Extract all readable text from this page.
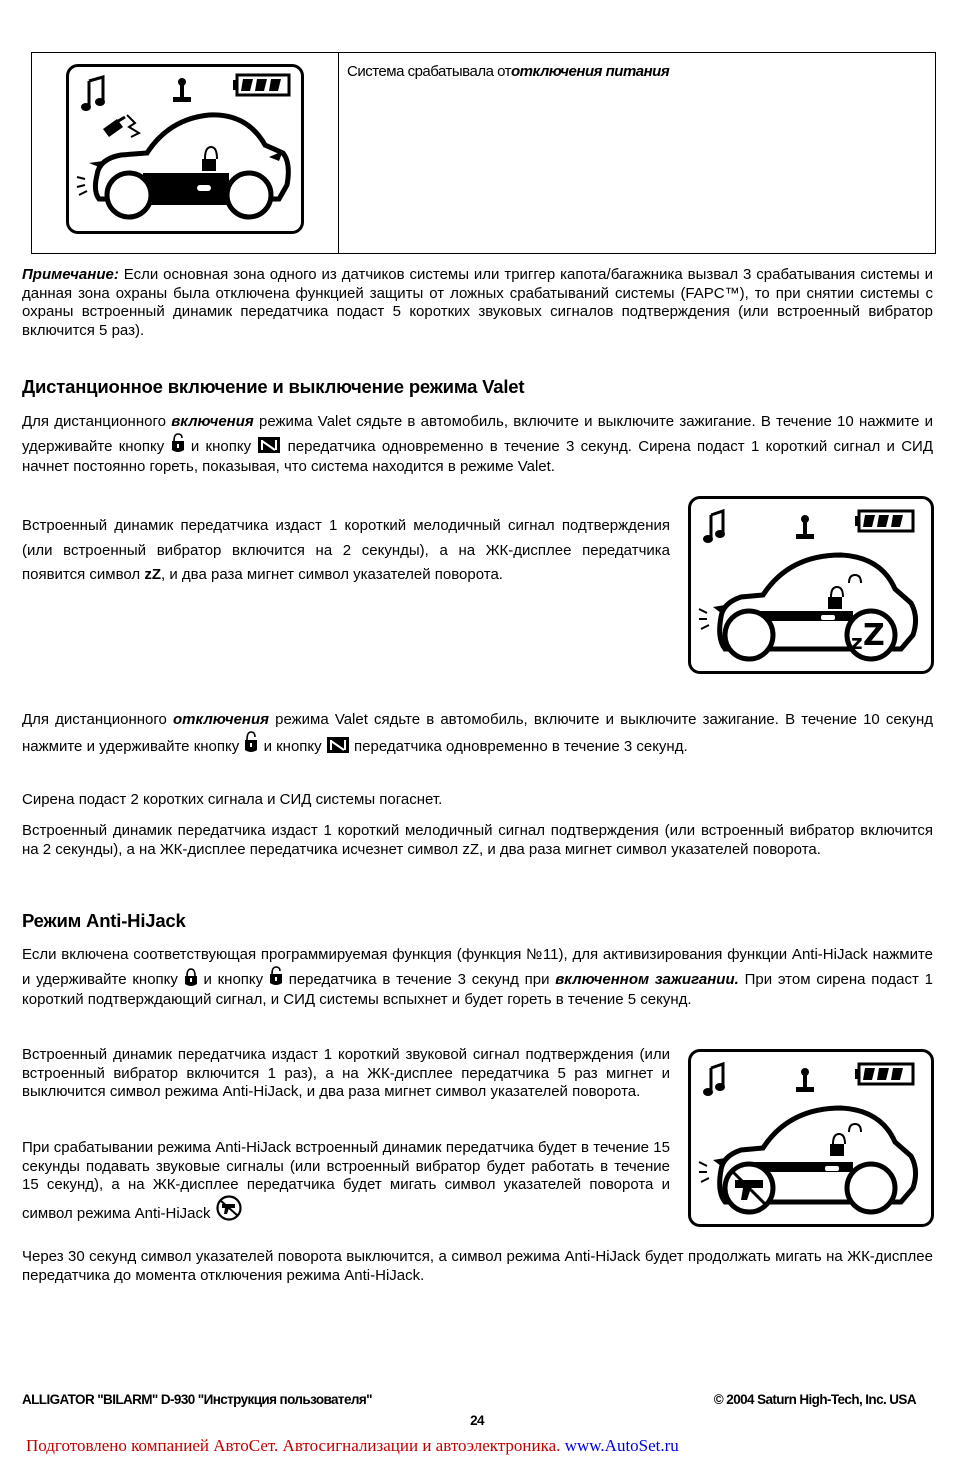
	Система срабатывала ототключения питания

Примечание: Если основная зона одного из датчиков системы или триггер капота/багажника вызвал 3 срабатывания системы и данная зона охраны была отключена функцией защиты от ложных срабатываний системы (FAPC™), то при снятии системы с охраны встроенный динамик передатчика подаст 5 коротких звуковых сигналов подтверждения (или встроенный вибратор включится 5 раз).

Дистанционное включение и выключение режима Valet

Для дистанционного включения режима Valet сядьте в автомобиль, включите и выключите зажигание. В течение 10 нажмите и удерживайте кнопку  и кнопку  передатчика одновременно в течение 3 секунд. Сирена подаст 1 короткий сигнал и СИД начнет постоянно гореть, показывая, что система находится в режиме Valet.

Встроенный динамик передатчика издаст 1 короткий мелодичный сигнал подтверждения (или встроенный вибратор включится на 2 секунды), а на ЖК-дисплее передатчика появится символ zZ, и два раза мигнет символ указателей поворота.

z Z

Для дистанционного отключения режима Valet сядьте в автомобиль, включите и выключите зажигание. В течение 10 секунд нажмите и удерживайте кнопку  и кнопку  передатчика одновременно в течение 3 секунд.

Сирена подаст 2 коротких сигнала и СИД системы погаснет.

Встроенный динамик передатчика издаст 1 короткий мелодичный сигнал подтверждения (или встроенный вибратор включится на 2 секунды), а на ЖК-дисплее передатчика исчезнет символ zZ, и два раза мигнет символ указателей поворота.

Режим Anti-HiJack

Если включена соответствующая программируемая функция (функция №11), для активизирования функции Anti-HiJack нажмите и удерживайте кнопку  и кнопку  передатчика в течение 3 секунд при включенном зажигании. При этом сирена подаст 1 короткий подтверждающий сигнал, и СИД системы вспыхнет и будет гореть в течение 5 секунд.

Встроенный динамик передатчика издаст 1 короткий звуковой сигнал подтверждения (или встроенный вибратор включится 1 раз), а на ЖК-дисплее передатчика 5 раз мигнет и выключится символ режима Anti-HiJack, и два раза мигнет символ указателей поворота.

При срабатывании режима Anti-HiJack встроенный динамик передатчика будет в течение 15 секунды подавать звуковые сигналы (или встроенный вибратор будет работать в течение 15 секунд), а на ЖК-дисплее передатчика будет мигать символ указателей поворота и символ режима Anti-HiJack

Через 30 секунд символ указателей поворота выключится, а символ режима Anti-HiJack будет продолжать мигать на ЖК-дисплее передатчика до момента отключения режима Anti-HiJack.

ALLIGATOR "BILARM" D-930 "Инструкция пользователя"	© 2004 Saturn High-Tech, Inc. USA
24
Подготовлено компанией АвтоСет. Автосигнализации и автоэлектроника. www.AutoSet.ru
